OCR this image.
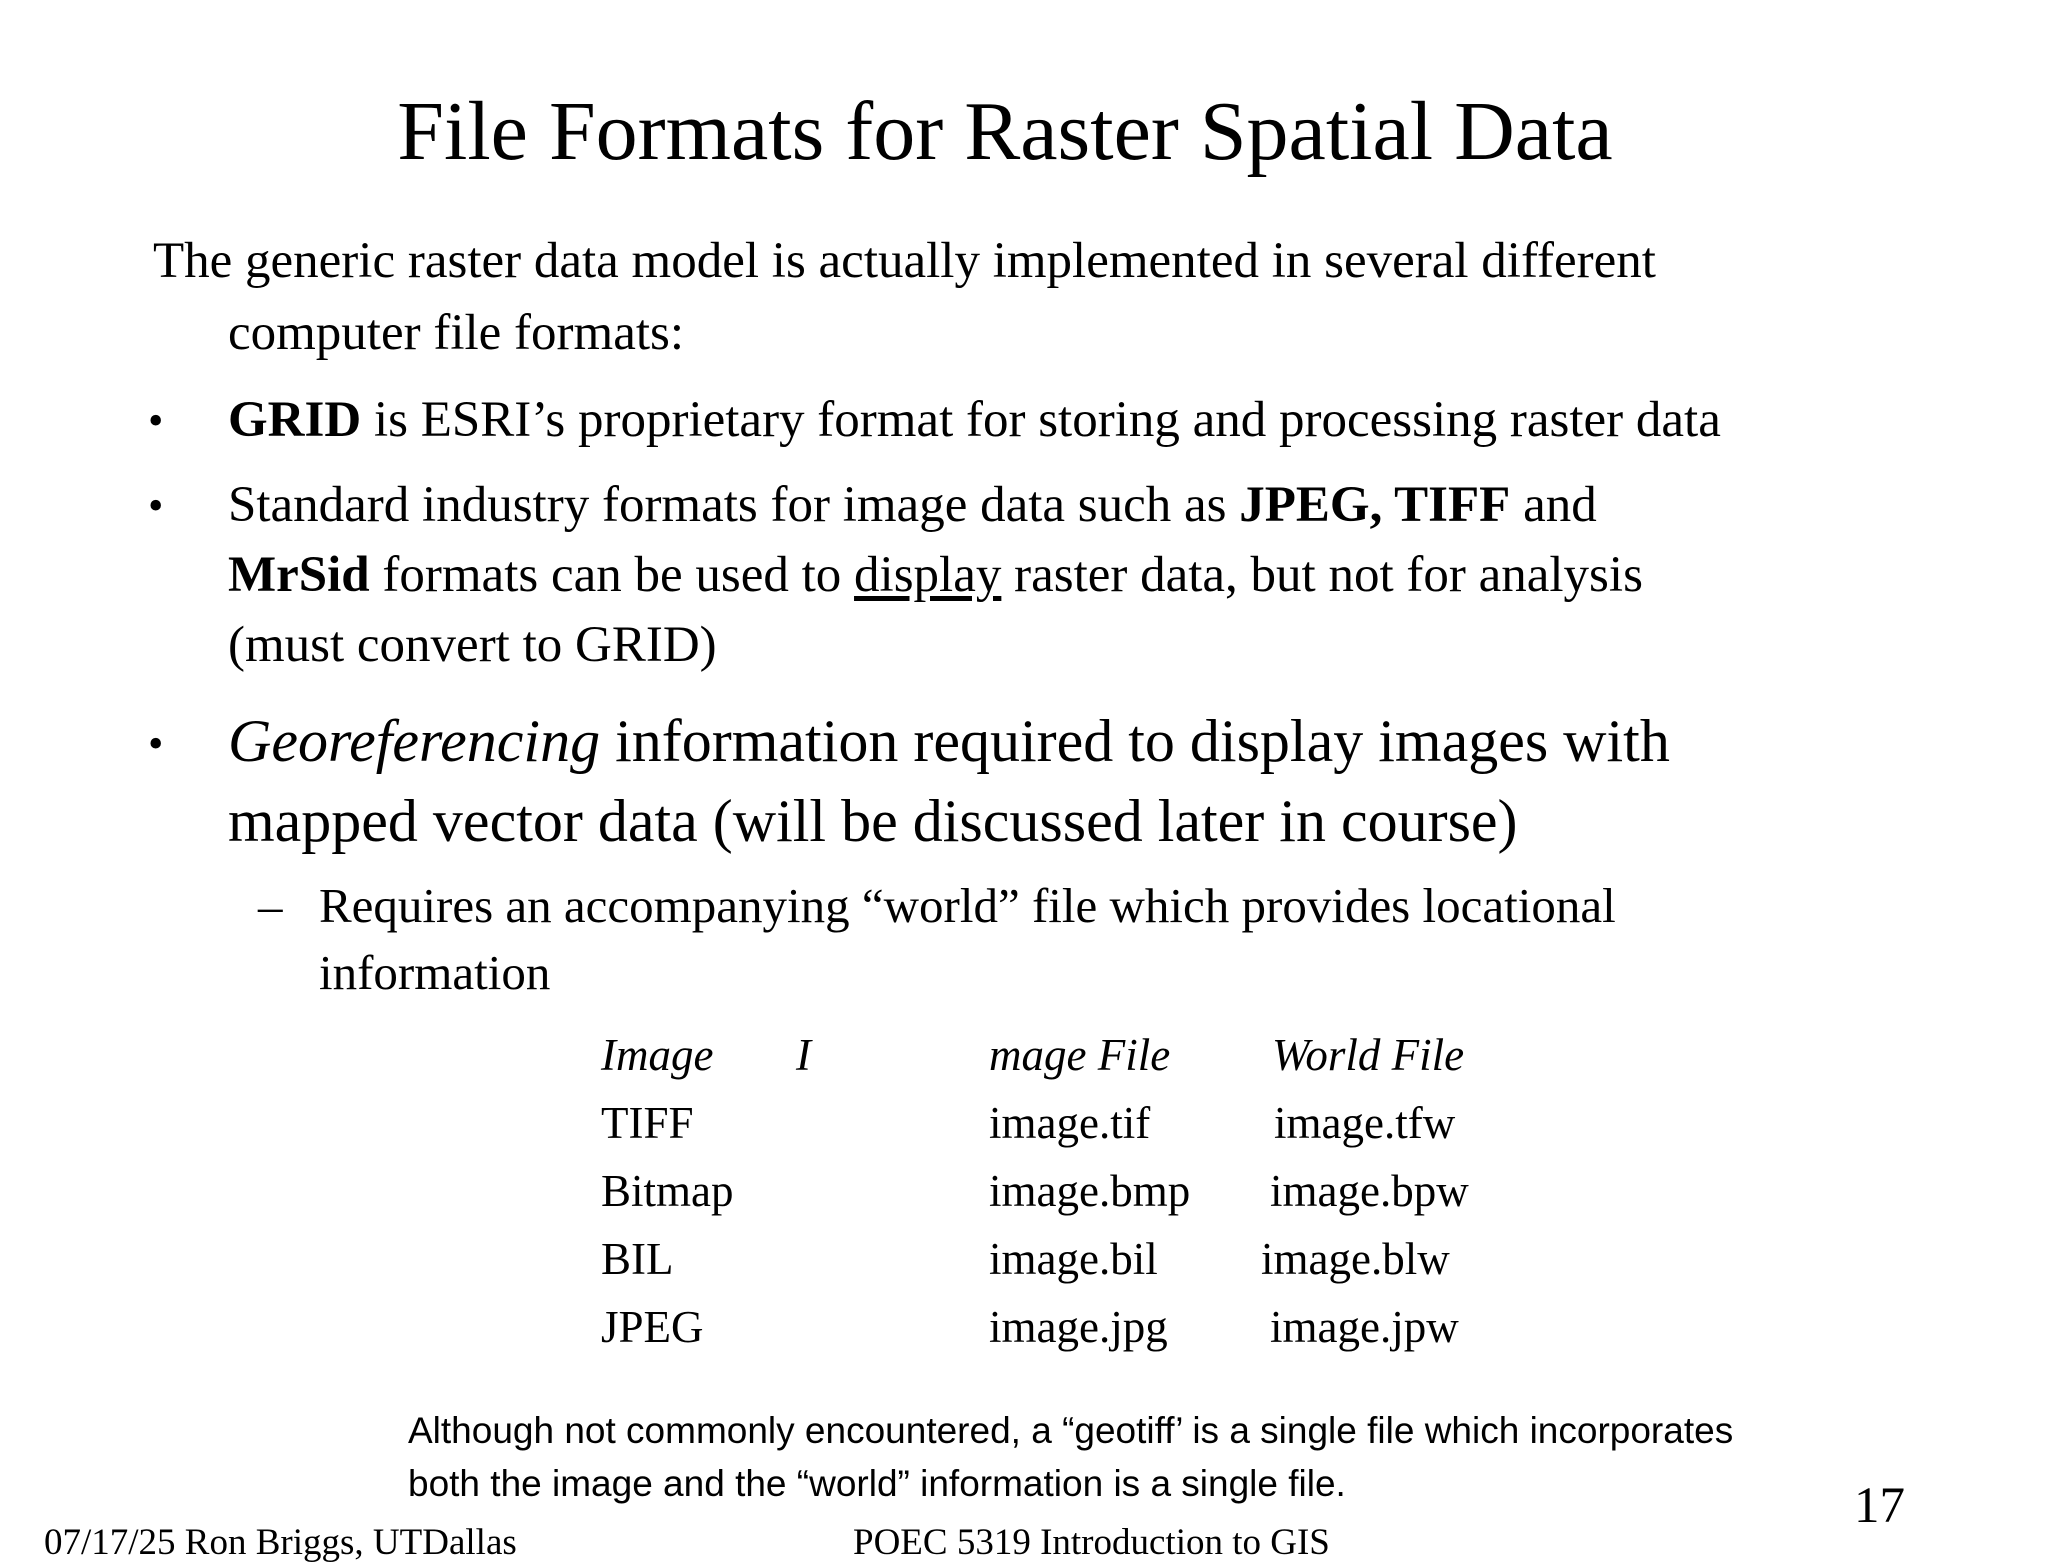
File Formats for Raster Spatial Data
The generic raster data model is actually implemented in several different
computer file formats:
• GRID is ESRI’s proprietary format for storing and processing raster data
• Standard industry formats for image data such as JPEG, TIFF and
MrSid formats can be used to display raster data, but not for analysis
(must convert to GRID)
• Georeferencing information required to display images with
mapped vector data (will be discussed later in course)
– Requires an accompanying “world” file which provides locational
information
Image I	mage File World File
TIFF	image.tif	image.tfw
Bitmap	image.bmp image.bpw
BIL	image.bil image.blw
JPEG	image.jpg image.jpw
Although not commonly encountered, a “geotiff’ is a single file which incorporates
both the image and the “world” information is a single file.	17
07/17/25 Ron Briggs, UTDallas	POEC 5319 Introduction to GIS
